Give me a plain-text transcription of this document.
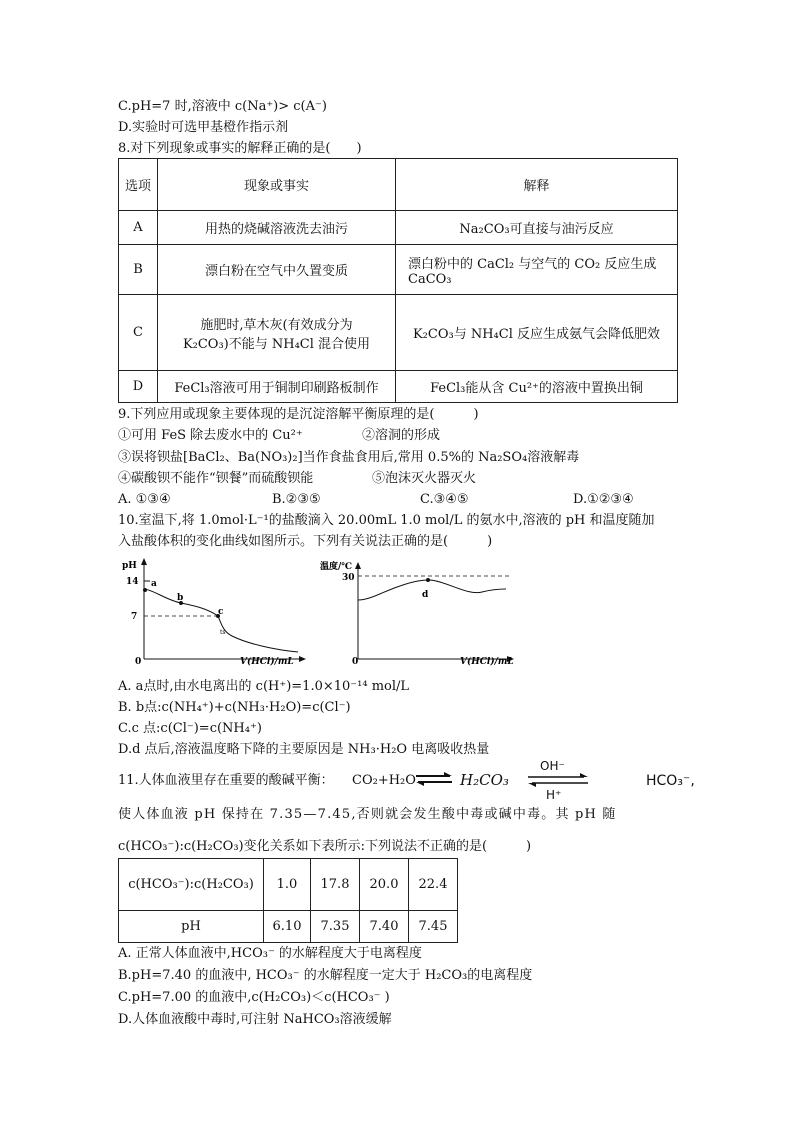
C.pH=7 时,溶液中 c(Na⁺)> c(A⁻)
D.实验时可选甲基橙作指示剂
8.对下列现象或事实的解释正确的是(　　)
选项	现象或事实	解释
A	用热的烧碱溶液洗去油污	Na₂CO₃可直接与油污反应
B	漂白粉在空气中久置变质	漂白粉中的 CaCl₂ 与空气的 CO₂ 反应生成 CaCO₃
C	施肥时,草木灰(有效成分为 K₂CO₃)不能与 NH₄Cl 混合使用	K₂CO₃与 NH₄Cl 反应生成氨气会降低肥效
D	FeCl₃溶液可用于铜制印刷路板制作	FeCl₃能从含 Cu²⁺的溶液中置换出铜
9.下列应用或现象主要体现的是沉淀溶解平衡原理的是(　　　)
①可用 FeS 除去废水中的 Cu²⁺	②溶洞的形成
③误将钡盐[BaCl₂、Ba(NO₃)₂]当作食盐食用后,常用 0.5%的 Na₂SO₄溶液解毒
④碳酸钡不能作“钡餐”而硫酸钡能	⑤泡沫灭火器灭火
A. ①③④	B.②③⑤	C.③④⑤	D.①②③④
10.室温下,将 1.0mol·L⁻¹的盐酸滴入 20.00mL 1.0 mol/L 的氨水中,溶液的 pH 和温度随加
入盐酸体积的变化曲线如图所示。下列有关说法正确的是(　　　)
pH
14
7
a
b
c
ts
0	V(HCl)/mL
温度/℃
30
d
0	V(HCl)/mL
A. a点时,由水电离出的 c(H⁺)=1.0×10⁻¹⁴ mol/L
B. b点:c(NH₄⁺)+c(NH₃·H₂O)=c(Cl⁻)
C.c 点:c(Cl⁻)=c(NH₄⁺)
D.d 点后,溶液温度略下降的主要原因是 NH₃·H₂O 电离吸收热量
11.人体血液里存在重要的酸碱平衡： CO₂+H₂O ⇌ H₂CO₃
OH⁻
H⁺
HCO₃⁻,
使人体血液 pH 保持在 7.35—7.45,否则就会发生酸中毒或碱中毒。其 pH 随
c(HCO₃⁻):c(H₂CO₃)变化关系如下表所示:下列说法不正确的是(　　　)
c(HCO₃⁻):c(H₂CO₃)	1.0	17.8	20.0	22.4
pH	6.10	7.35	7.40	7.45
A. 正常人体血液中,HCO₃⁻ 的水解程度大于电离程度
B.pH=7.40 的血液中, HCO₃⁻ 的水解程度一定大于 H₂CO₃的电离程度
C.pH=7.00 的血液中,c(H₂CO₃)＜c(HCO₃⁻ )
D.人体血液酸中毒时,可注射 NaHCO₃溶液缓解
